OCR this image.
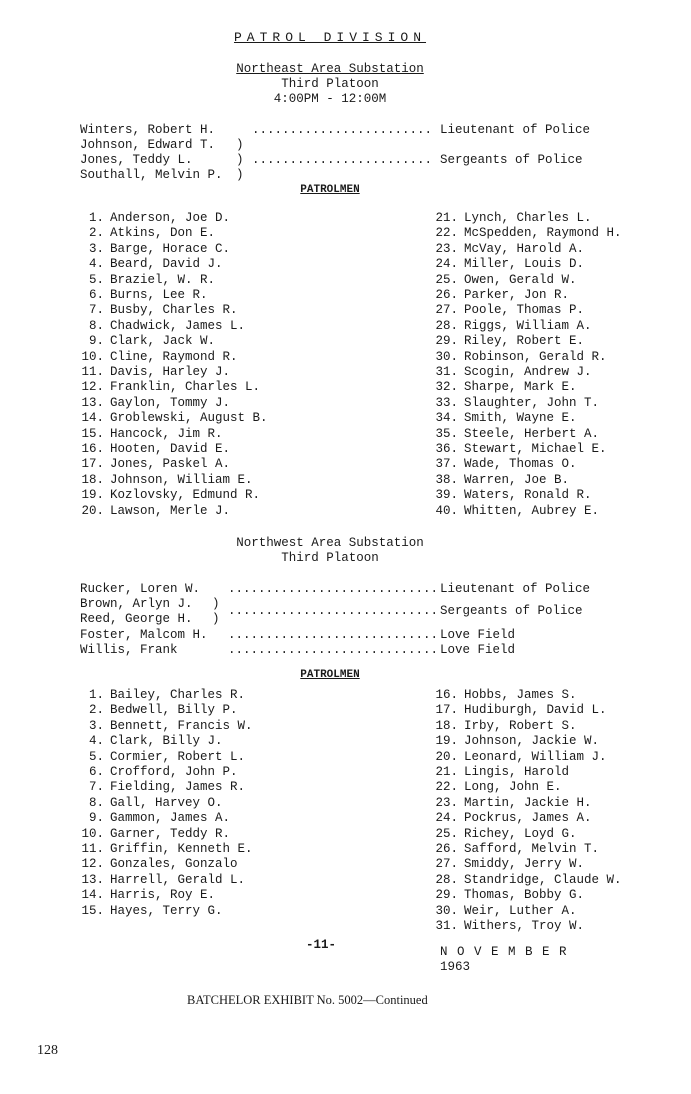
PATROL DIVISION
Northeast Area Substation
Third Platoon
4:00PM - 12:00M
Winters, Robert H.	........................ Lieutenant of Police
Johnson, Edward T. )
Jones, Teddy L.	) ........................ Sergeants of Police
Southall, Melvin P. )
PATROLMEN
1. Anderson, Joe D.
2. Atkins, Don E.
3. Barge, Horace C.
4. Beard, David J.
5. Braziel, W. R.
6. Burns, Lee R.
7. Busby, Charles R.
8. Chadwick, James L.
9. Clark, Jack W.
10. Cline, Raymond R.
11. Davis, Harley J.
12. Franklin, Charles L.
13. Gaylon, Tommy J.
14. Groblewski, August B.
15. Hancock, Jim R.
16. Hooten, David E.
17. Jones, Paskel A.
18. Johnson, William E.
19. Kozlovsky, Edmund R.
20. Lawson, Merle J.
21. Lynch, Charles L.
22. McSpedden, Raymond H.
23. McVay, Harold A.
24. Miller, Louis D.
25. Owen, Gerald W.
26. Parker, Jon R.
27. Poole, Thomas P.
28. Riggs, William A.
29. Riley, Robert E.
30. Robinson, Gerald R.
31. Scogin, Andrew J.
32. Sharpe, Mark E.
33. Slaughter, John T.
34. Smith, Wayne E.
35. Steele, Herbert A.
36. Stewart, Michael E.
37. Wade, Thomas O.
38. Warren, Joe B.
39. Waters, Ronald R.
40. Whitten, Aubrey E.
Northwest Area Substation
Third Platoon
Rucker, Loren W. ............................ Lieutenant of Police
Brown, Arlyn J. )
Reed, George H. )
............................ Sergeants of Police
Foster, Malcom H. ............................ Love Field
Willis, Frank	............................ Love Field
PATROLMEN
1. Bailey, Charles R.
2. Bedwell, Billy P.
3. Bennett, Francis W.
4. Clark, Billy J.
5. Cormier, Robert L.
6. Crofford, John P.
7. Fielding, James R.
8. Gall, Harvey O.
9. Gammon, James A.
10. Garner, Teddy R.
11. Griffin, Kenneth E.
12. Gonzales, Gonzalo
13. Harrell, Gerald L.
14. Harris, Roy E.
15. Hayes, Terry G.
16. Hobbs, James S.
17. Hudiburgh, David L.
18. Irby, Robert S.
19. Johnson, Jackie W.
20. Leonard, William J.
21. Lingis, Harold
22. Long, John E.
23. Martin, Jackie H.
24. Pockrus, James A.
25. Richey, Loyd G.
26. Safford, Melvin T.
27. Smiddy, Jerry W.
28. Standridge, Claude W.
29. Thomas, Bobby G.
30. Weir, Luther A.
31. Withers, Troy W.
-11-	N O V E M B E R
1963
BATCHELOR EXHIBIT No. 5002—Continued
128
